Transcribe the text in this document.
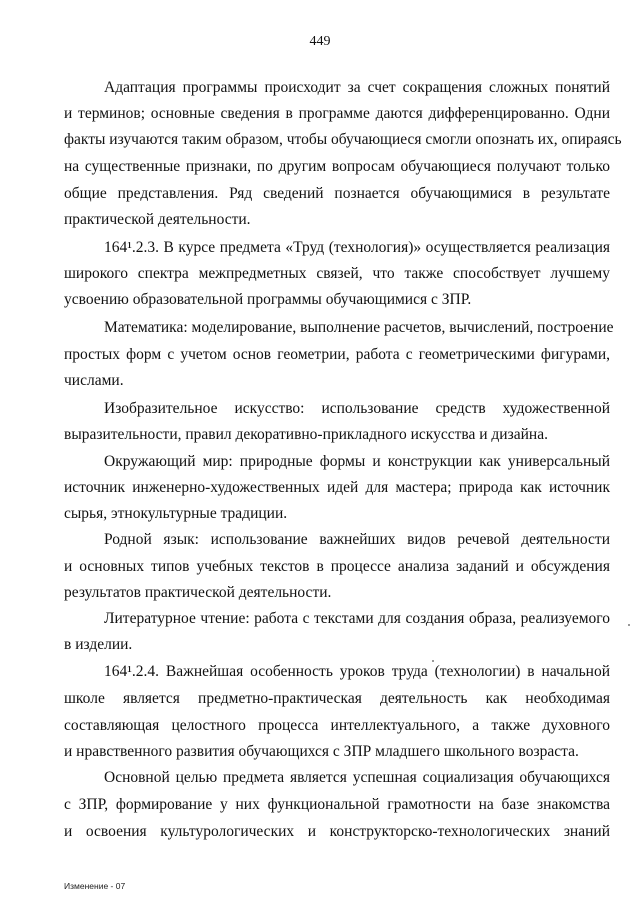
449
Адаптация программы происходит за счет сокращения сложных понятий
и терминов; основные сведения в программе даются дифференцированно. Одни
факты изучаются таким образом, чтобы обучающиеся смогли опознать их, опираясь
на существенные признаки, по другим вопросам обучающиеся получают только
общие представления. Ряд сведений познается обучающимися в результате
практической деятельности.
164¹.2.3. В курсе предмета «Труд (технология)» осуществляется реализация
широкого спектра межпредметных связей, что также способствует лучшему
усвоению образовательной программы обучающимися с ЗПР.
Математика: моделирование, выполнение расчетов, вычислений, построение
простых форм с учетом основ геометрии, работа с геометрическими фигурами,
числами.
Изобразительное искусство: использование средств художественной
выразительности, правил декоративно-прикладного искусства и дизайна.
Окружающий мир: природные формы и конструкции как универсальный
источник инженерно-художественных идей для мастера; природа как источник
сырья, этнокультурные традиции.
Родной язык: использование важнейших видов речевой деятельности
и основных типов учебных текстов в процессе анализа заданий и обсуждения
результатов практической деятельности.
Литературное чтение: работа с текстами для создания образа, реализуемого
в изделии.
164¹.2.4. Важнейшая особенность уроков труда (технологии) в начальной
школе является предметно-практическая деятельность как необходимая
составляющая целостного процесса интеллектуального, а также духовного
и нравственного развития обучающихся с ЗПР младшего школьного возраста.
Основной целью предмета является успешная социализация обучающихся
с ЗПР, формирование у них функциональной грамотности на базе знакомства
и освоения культурологических и конструкторско-технологических знаний
Изменение - 07
